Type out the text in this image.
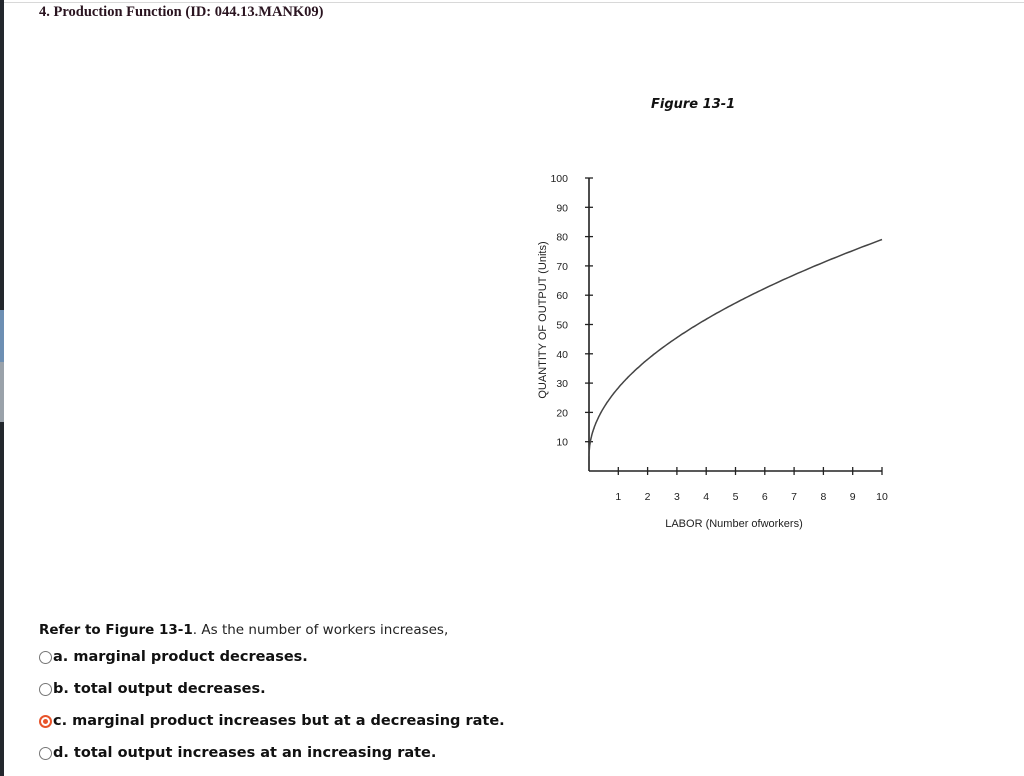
4. Production Function (ID: 044.13.MANK09)
Figure 13-1
10
20
30
40
50
60
70
80
90
100
1 2 3 4 5 6 7 8 9 10
LABOR (Number ofworkers)
QUANTITY OF OUTPUT (Units)
Refer to Figure 13-1. As the number of workers increases,
a. marginal product decreases.
b. total output decreases.
c. marginal product increases but at a decreasing rate.
d. total output increases at an increasing rate.
